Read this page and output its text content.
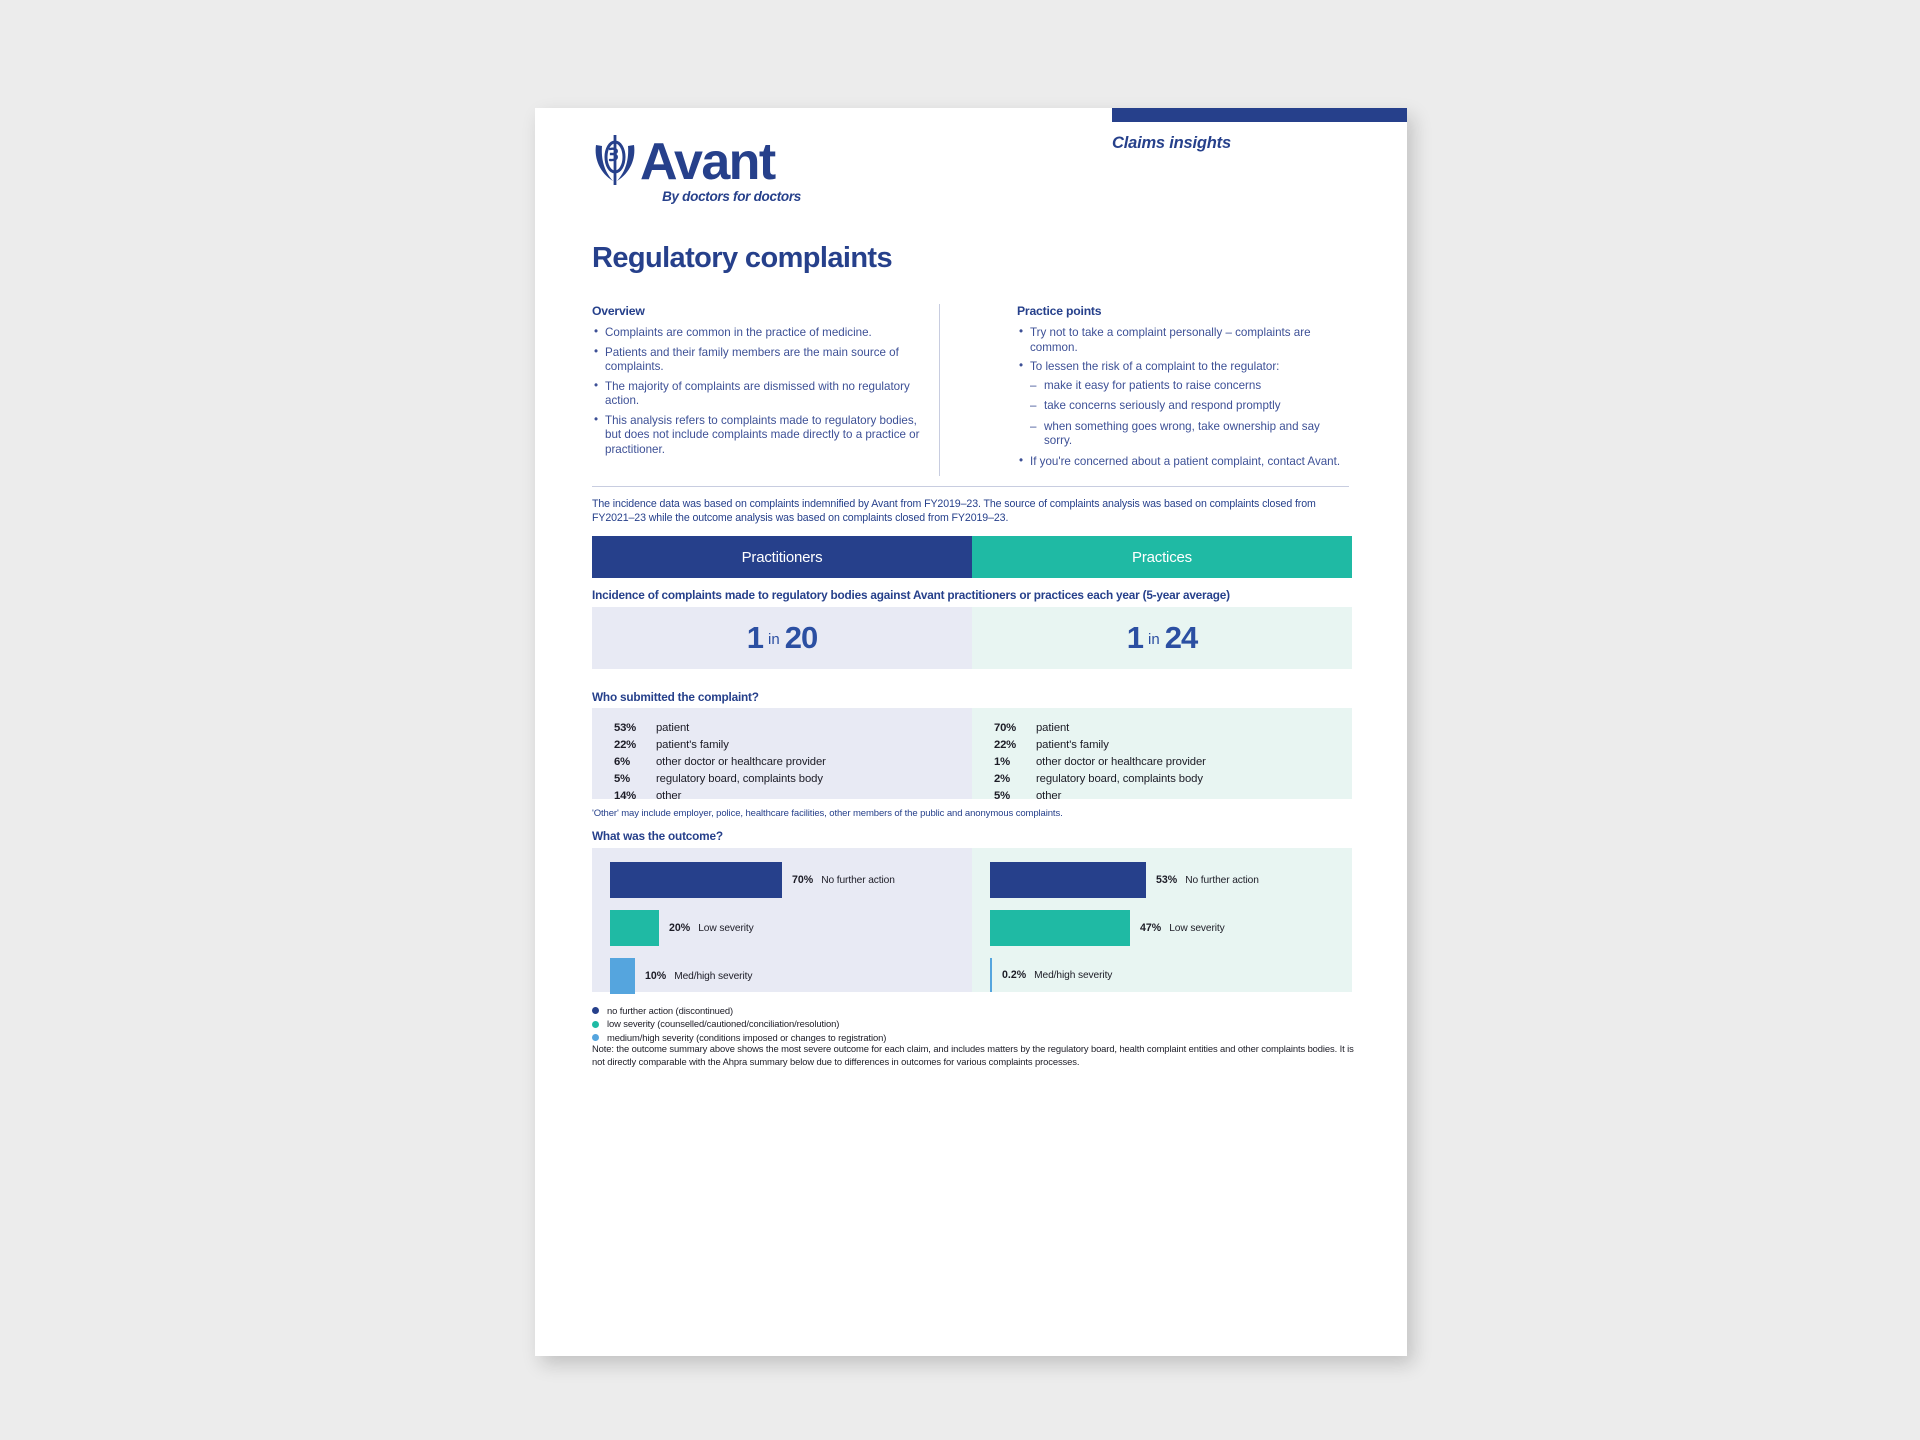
Claims insights
Avant
By doctors for doctors
Regulatory complaints
Overview
• Complaints are common in the practice of medicine.
• Patients and their family members are the main source of complaints.
• The majority of complaints are dismissed with no regulatory action.
• This analysis refers to complaints made to regulatory bodies, but does not include complaints made directly to a practice or practitioner.
Practice points
• Try not to take a complaint personally – complaints are common.
• To lessen the risk of a complaint to the regulator:
– make it easy for patients to raise concerns
– take concerns seriously and respond promptly
– when something goes wrong, take ownership and say sorry.
• If you're concerned about a patient complaint, contact Avant.

The incidence data was based on complaints indemnified by Avant from FY2019–23. The source of complaints analysis was based on complaints closed from FY2021–23 while the outcome analysis was based on complaints closed from FY2019–23.

Practitioners	Practices
Incidence of complaints made to regulatory bodies against Avant practitioners or practices each year (5-year average)
1 in 20	1 in 24
Who submitted the complaint?
53%	patient
22%	patient's family
6%	other doctor or healthcare provider
5%	regulatory board, complaints body
14%	other
70%	patient
22%	patient's family
1%	other doctor or healthcare provider
2%	regulatory board, complaints body
5%	other

'Other' may include employer, police, healthcare facilities, other members of the public and anonymous complaints.

What was the outcome?
70% No further action
20% Low severity
10% Med/high severity
53% No further action
47% Low severity
0.2% Med/high severity
no further action (discontinued)
low severity (counselled/cautioned/conciliation/resolution)
medium/high severity (conditions imposed or changes to registration)

Note: the outcome summary above shows the most severe outcome for each claim, and includes matters by the regulatory board, health complaint entities and other complaints bodies. It is not directly comparable with the Ahpra summary below due to differences in outcomes for various complaints processes.
